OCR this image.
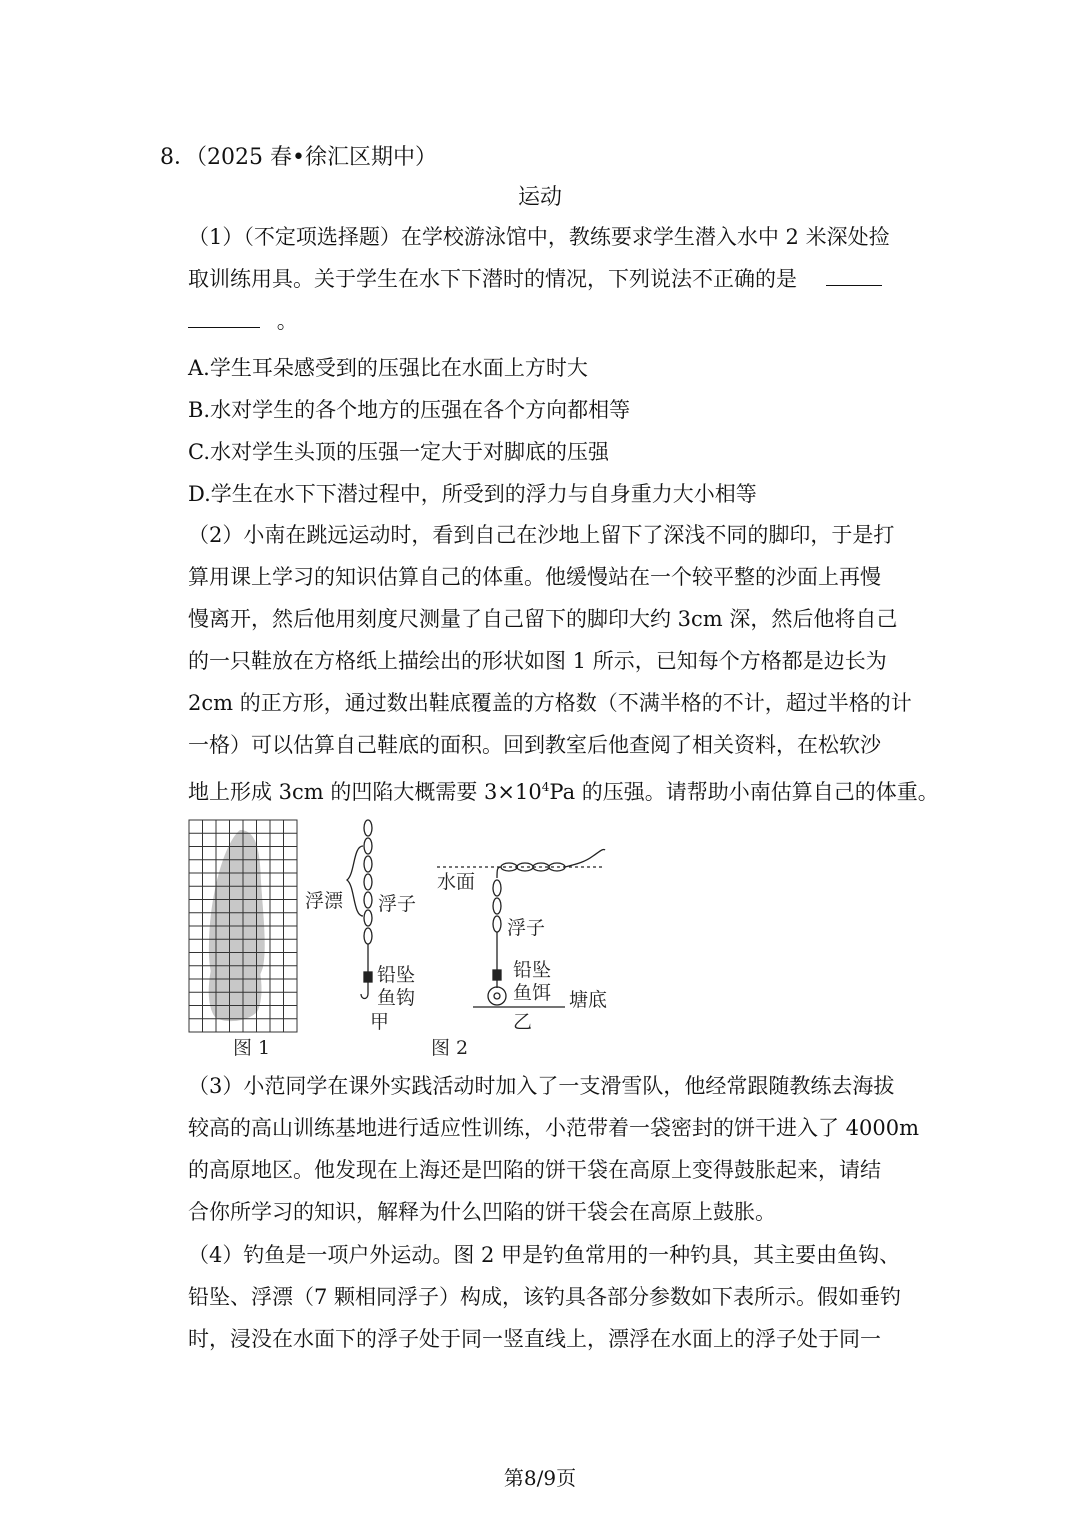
8．（2025 春•徐汇区期中）
运动
（1）（不定项选择题）在学校游泳馆中，教练要求学生潜入水中 2 米深处捡
取训练用具。关于学生在水下下潜时的情况，下列说法不正确的是
。
A.学生耳朵感受到的压强比在水面上方时大
B.水对学生的各个地方的压强在各个方向都相等
C.水对学生头顶的压强一定大于对脚底的压强
D.学生在水下下潜过程中，所受到的浮力与自身重力大小相等
（2）小南在跳远运动时，看到自己在沙地上留下了深浅不同的脚印，于是打
算用课上学习的知识估算自己的体重。他缓慢站在一个较平整的沙面上再慢
慢离开，然后他用刻度尺测量了自己留下的脚印大约 3cm 深，然后他将自己
的一只鞋放在方格纸上描绘出的形状如图 1 所示，已知每个方格都是边长为
2cm 的正方形，通过数出鞋底覆盖的方格数（不满半格的不计，超过半格的计
一格）可以估算自己鞋底的面积。回到教室后他查阅了相关资料，在松软沙
地上形成 3cm 的凹陷大概需要 $3\times 10^4Pa$ 的压强。请帮助小南估算自己的体重。
图 1
浮漂 浮子
铅坠
鱼钩
甲
水面
浮子
铅坠
鱼饵 塘底
乙
图 2
（3）小范同学在课外实践活动时加入了一支滑雪队，他经常跟随教练去海拔
较高的高山训练基地进行适应性训练，小范带着一袋密封的饼干进入了 4000m
的高原地区。他发现在上海还是凹陷的饼干袋在高原上变得鼓胀起来，请结
合你所学习的知识，解释为什么凹陷的饼干袋会在高原上鼓胀。
（4）钓鱼是一项户外运动。图 2 甲是钓鱼常用的一种钓具，其主要由鱼钩、
铅坠、浮漂（7 颗相同浮子）构成，该钓具各部分参数如下表所示。假如垂钓
时，浸没在水面下的浮子处于同一竖直线上，漂浮在水面上的浮子处于同一
第8/9页
